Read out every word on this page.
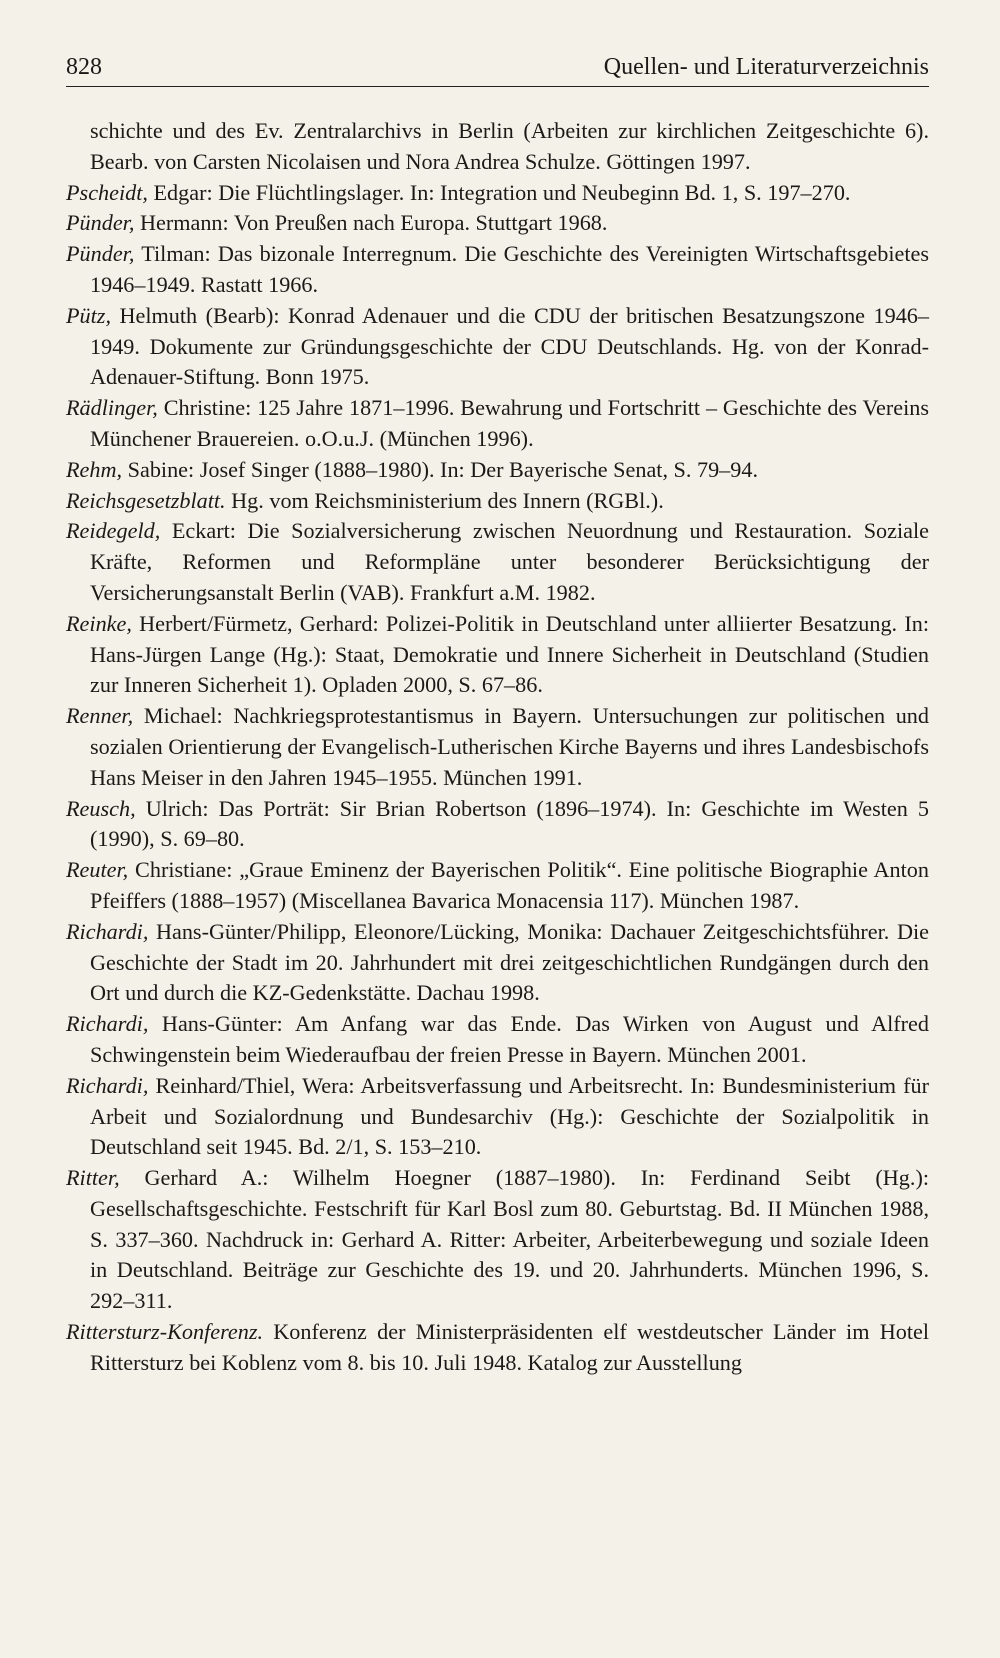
828	Quellen- und Literaturverzeichnis

schichte und des Ev. Zentralarchivs in Berlin (Arbeiten zur kirchlichen Zeitgeschichte 6). Bearb. von Carsten Nicolaisen und Nora Andrea Schulze. Göttingen 1997.

Pscheidt, Edgar: Die Flüchtlingslager. In: Integration und Neubeginn Bd. 1, S. 197–270.

Pünder, Hermann: Von Preußen nach Europa. Stuttgart 1968.

Pünder, Tilman: Das bizonale Interregnum. Die Geschichte des Vereinigten Wirtschaftsgebietes 1946–1949. Rastatt 1966.

Pütz, Helmuth (Bearb): Konrad Adenauer und die CDU der britischen Besatzungszone 1946–1949. Dokumente zur Gründungsgeschichte der CDU Deutschlands. Hg. von der Konrad-Adenauer-Stiftung. Bonn 1975.

Rädlinger, Christine: 125 Jahre 1871–1996. Bewahrung und Fortschritt – Geschichte des Vereins Münchener Brauereien. o.O.u.J. (München 1996).

Rehm, Sabine: Josef Singer (1888–1980). In: Der Bayerische Senat, S. 79–94.

Reichsgesetzblatt. Hg. vom Reichsministerium des Innern (RGBl.).

Reidegeld, Eckart: Die Sozialversicherung zwischen Neuordnung und Restauration. Soziale Kräfte, Reformen und Reformpläne unter besonderer Berücksichtigung der Versicherungsanstalt Berlin (VAB). Frankfurt a.M. 1982.

Reinke, Herbert/Fürmetz, Gerhard: Polizei-Politik in Deutschland unter alliierter Besatzung. In: Hans-Jürgen Lange (Hg.): Staat, Demokratie und Innere Sicherheit in Deutschland (Studien zur Inneren Sicherheit 1). Opladen 2000, S. 67–86.

Renner, Michael: Nachkriegsprotestantismus in Bayern. Untersuchungen zur politischen und sozialen Orientierung der Evangelisch-Lutherischen Kirche Bayerns und ihres Landesbischofs Hans Meiser in den Jahren 1945–1955. München 1991.

Reusch, Ulrich: Das Porträt: Sir Brian Robertson (1896–1974). In: Geschichte im Westen 5 (1990), S. 69–80.

Reuter, Christiane: „Graue Eminenz der Bayerischen Politik“. Eine politische Biographie Anton Pfeiffers (1888–1957) (Miscellanea Bavarica Monacensia 117). München 1987.

Richardi, Hans-Günter/Philipp, Eleonore/Lücking, Monika: Dachauer Zeitgeschichtsführer. Die Geschichte der Stadt im 20. Jahrhundert mit drei zeitgeschichtlichen Rundgängen durch den Ort und durch die KZ-Gedenkstätte. Dachau 1998.

Richardi, Hans-Günter: Am Anfang war das Ende. Das Wirken von August und Alfred Schwingenstein beim Wiederaufbau der freien Presse in Bayern. München 2001.

Richardi, Reinhard/Thiel, Wera: Arbeitsverfassung und Arbeitsrecht. In: Bundesministerium für Arbeit und Sozialordnung und Bundesarchiv (Hg.): Geschichte der Sozialpolitik in Deutschland seit 1945. Bd. 2/1, S. 153–210.

Ritter, Gerhard A.: Wilhelm Hoegner (1887–1980). In: Ferdinand Seibt (Hg.): Gesellschaftsgeschichte. Festschrift für Karl Bosl zum 80. Geburtstag. Bd. II München 1988, S. 337–360. Nachdruck in: Gerhard A. Ritter: Arbeiter, Arbeiterbewegung und soziale Ideen in Deutschland. Beiträge zur Geschichte des 19. und 20. Jahrhunderts. München 1996, S. 292–311.

Rittersturz-Konferenz. Konferenz der Ministerpräsidenten elf westdeutscher Länder im Hotel Rittersturz bei Koblenz vom 8. bis 10. Juli 1948. Katalog zur Ausstellung
